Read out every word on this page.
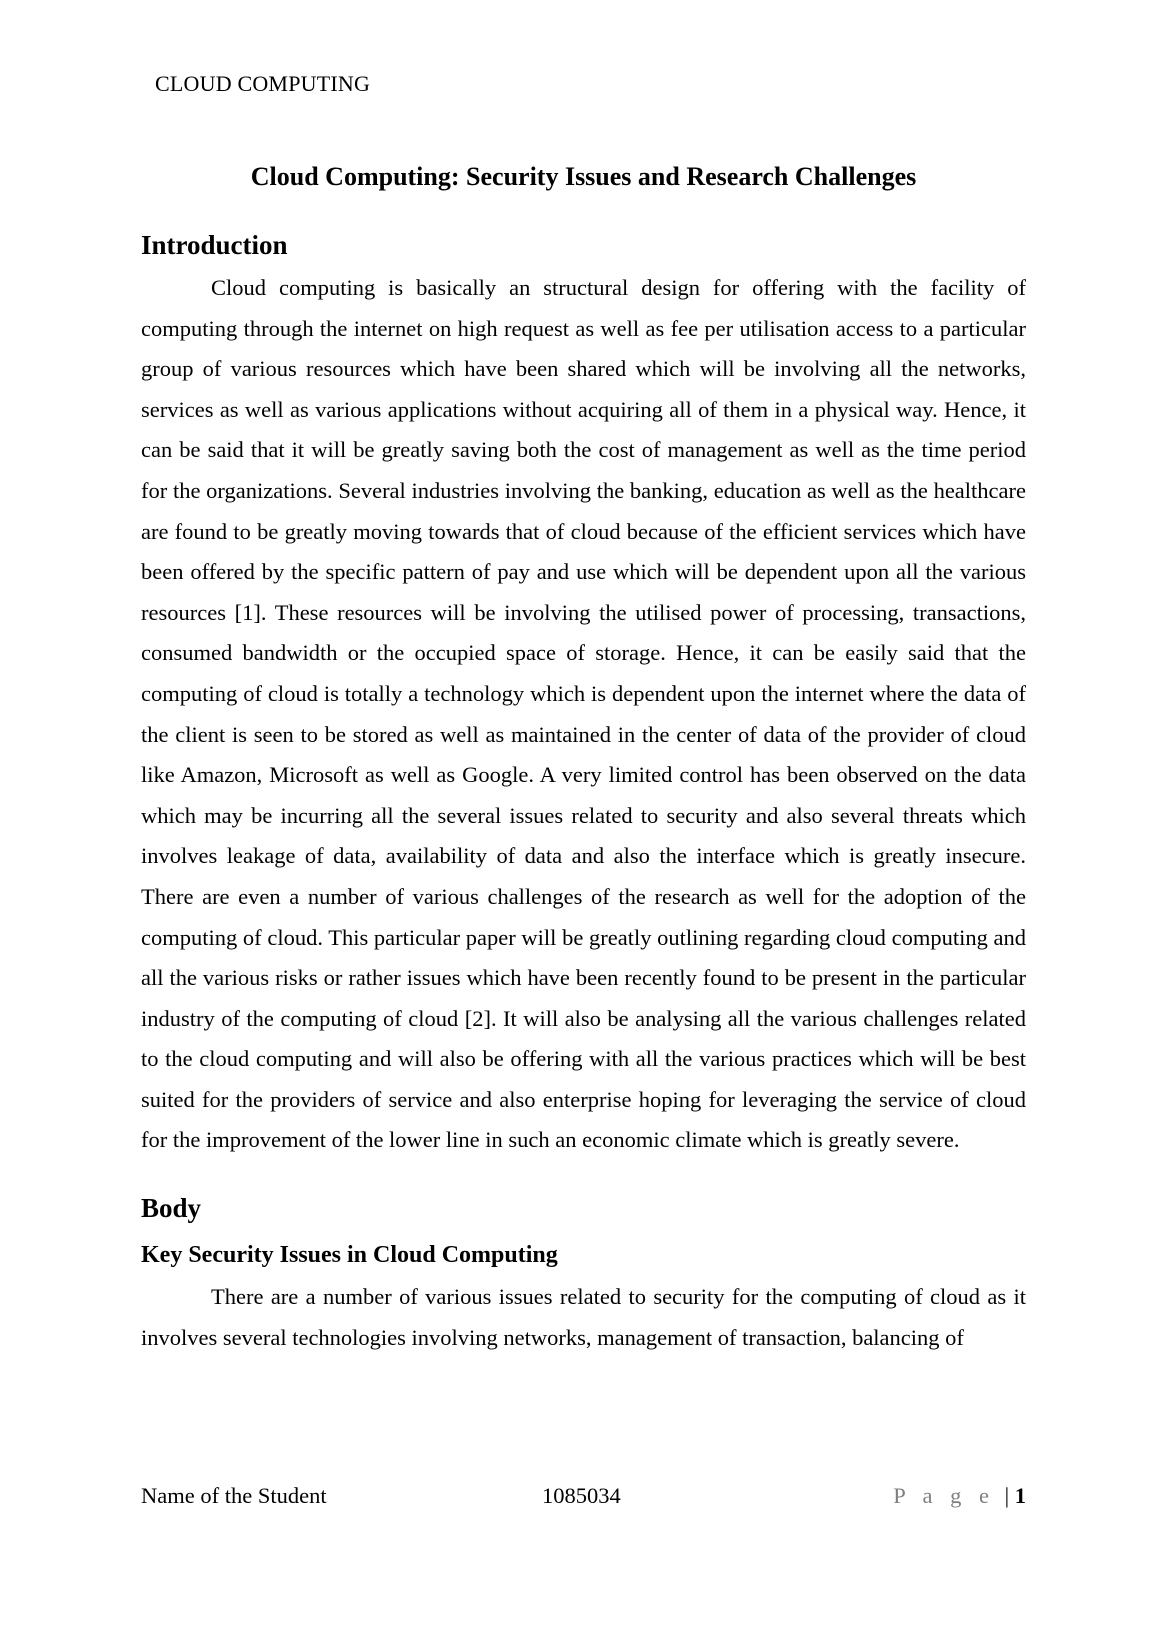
CLOUD COMPUTING
Cloud Computing: Security Issues and Research Challenges
Introduction

Cloud computing is basically an structural design for offering with the facility of computing through the internet on high request as well as fee per utilisation access to a particular group of various resources which have been shared which will be involving all the networks, services as well as various applications without acquiring all of them in a physical way. Hence, it can be said that it will be greatly saving both the cost of management as well as the time period for the organizations. Several industries involving the banking, education as well as the healthcare are found to be greatly moving towards that of cloud because of the efficient services which have been offered by the specific pattern of pay and use which will be dependent upon all the various resources [1]. These resources will be involving the utilised power of processing, transactions, consumed bandwidth or the occupied space of storage. Hence, it can be easily said that the computing of cloud is totally a technology which is dependent upon the internet where the data of the client is seen to be stored as well as maintained in the center of data of the provider of cloud like Amazon, Microsoft as well as Google. A very limited control has been observed on the data which may be incurring all the several issues related to security and also several threats which involves leakage of data, availability of data and also the interface which is greatly insecure. There are even a number of various challenges of the research as well for the adoption of the computing of cloud. This particular paper will be greatly outlining regarding cloud computing and all the various risks or rather issues which have been recently found to be present in the particular industry of the computing of cloud [2]. It will also be analysing all the various challenges related to the cloud computing and will also be offering with all the various practices which will be best suited for the providers of service and also enterprise hoping for leveraging the service of cloud for the improvement of the lower line in such an economic climate which is greatly severe.

Body
Key Security Issues in Cloud Computing

There are a number of various issues related to security for the computing of cloud as it involves several technologies involving networks, management of transaction, balancing of

Name of the Student	1085034	P a g e | 1
